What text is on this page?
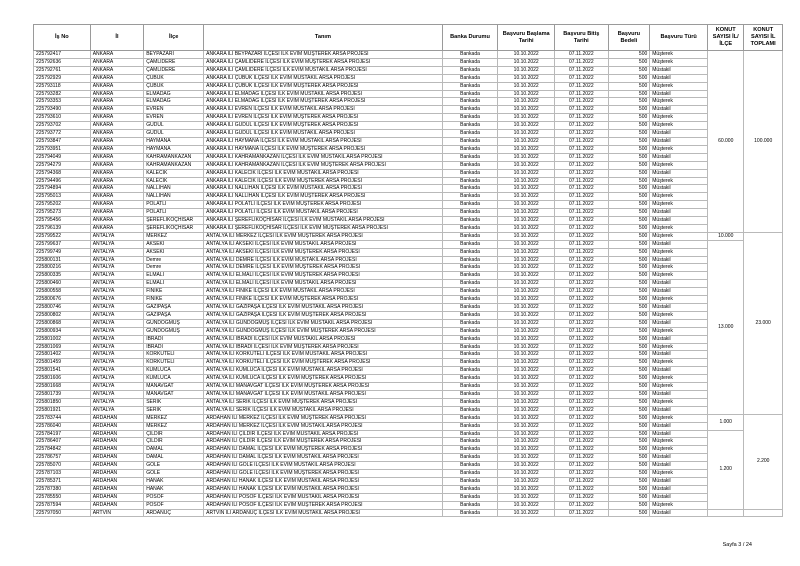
İş No	İl	İlçe	Tanım	Banka Durumu	Başvuru Başlama Tarihi	Başvuru Bitiş Tarihi	Başvuru Bedeli	Başvuru Türü	KONUT SAYISI İL/İLÇE	KONUT SAYISI İL TOPLAMI
225792417	ANKARA	BEYPAZARI	ANKARA İLİ BEYPAZARI İLÇESİ İLK EVİM MÜŞTEREK ARSA PROJESİ	Bankada	10.10.2022	07.11.2022	500	Müşterek	60.000	100.000
225792636	ANKARA	ÇAMLIDERE	ANKARA İLİ ÇAMLIDERE İLÇESİ İLK EVİM MÜŞTEREK ARSA PROJESİ	Bankada	10.10.2022	07.11.2022	500	Müşterek		
225792761	ANKARA	ÇAMLIDERE	ANKARA İLİ ÇAMLIDERE İLÇESİ İLK EVİM MÜSTAKİL ARSA PROJESİ	Bankada	10.10.2022	07.11.2022	500	Müstakil		
225792929	ANKARA	ÇUBUK	ANKARA İLİ ÇUBUK İLÇESİ İLK EVİM MÜSTAKİL ARSA PROJESİ	Bankada	10.10.2022	07.11.2022	500	Müstakil		
225793118	ANKARA	ÇUBUK	ANKARA İLİ ÇUBUK İLÇESİ İLK EVİM MÜŞTEREK ARSA PROJESİ	Bankada	10.10.2022	07.11.2022	500	Müşterek		
225793282	ANKARA	ELMADAĞ	ANKARA İLİ ELMADAĞ İLÇESİ İLK EVİM MÜSTAKİL ARSA PROJESİ	Bankada	10.10.2022	07.11.2022	500	Müstakil		
225793353	ANKARA	ELMADAĞ	ANKARA İLİ ELMADAĞ İLÇESİ İLK EVİM MÜŞTEREK ARSA PROJESİ	Bankada	10.10.2022	07.11.2022	500	Müşterek		
225793490	ANKARA	EVREN	ANKARA İLİ EVREN İLÇESİ İLK EVİM MÜSTAKİL ARSA PROJESİ	Bankada	10.10.2022	07.11.2022	500	Müstakil		
225793610	ANKARA	EVREN	ANKARA İLİ EVREN İLÇESİ İLK EVİM MÜŞTEREK ARSA PROJESİ	Bankada	10.10.2022	07.11.2022	500	Müşterek		
225793702	ANKARA	GÜDÜL	ANKARA İLİ GÜDÜL İLÇESİ İLK EVİM MÜŞTEREK ARSA PROJESİ	Bankada	10.10.2022	07.11.2022	500	Müşterek		
225793772	ANKARA	GÜDÜL	ANKARA İLİ GÜDÜL İLÇESİ İLK EVİM MÜSTAKİL ARSA PROJESİ	Bankada	10.10.2022	07.11.2022	500	Müstakil		
225793847	ANKARA	HAYMANA	ANKARA İLİ HAYMANA İLÇESİ İLK EVİM MÜSTAKİL ARSA PROJESİ	Bankada	10.10.2022	07.11.2022	500	Müstakil		
225793951	ANKARA	HAYMANA	ANKARA İLİ HAYMANA İLÇESİ İLK EVİM MÜŞTEREK ARSA PROJESİ	Bankada	10.10.2022	07.11.2022	500	Müşterek		
225794049	ANKARA	KAHRAMANKAZAN	ANKARA İLİ KAHRAMANKAZAN İLÇESİ İLK EVİM MÜSTAKİL ARSA PROJESİ	Bankada	10.10.2022	07.11.2022	500	Müstakil		
225794279	ANKARA	KAHRAMANKAZAN	ANKARA İLİ KAHRAMANKAZAN İLÇESİ İLK EVİM MÜŞTEREK ARSA PROJESİ	Bankada	10.10.2022	07.11.2022	500	Müşterek		
225794368	ANKARA	KALECİK	ANKARA İLİ KALECİK İLÇESİ İLK EVİM MÜSTAKİL ARSA PROJESİ	Bankada	10.10.2022	07.11.2022	500	Müstakil		
225794496	ANKARA	KALECİK	ANKARA İLİ KALECİK İLÇESİ İLK EVİM MÜŞTEREK ARSA PROJESİ	Bankada	10.10.2022	07.11.2022	500	Müşterek		
225794894	ANKARA	NALLIHAN	ANKARA İLİ NALLIHAN İLÇESİ İLK EVİM MÜSTAKİL ARSA PROJESİ	Bankada	10.10.2022	07.11.2022	500	Müstakil		
225795013	ANKARA	NALLIHAN	ANKARA İLİ NALLIHAN İLÇESİ İLK EVİM MÜŞTEREK ARSA PROJESİ	Bankada	10.10.2022	07.11.2022	500	Müşterek		
225795202	ANKARA	POLATLI	ANKARA İLİ POLATLI İLÇESİ İLK EVİM MÜŞTEREK ARSA PROJESİ	Bankada	10.10.2022	07.11.2022	500	Müşterek		
225795273	ANKARA	POLATLI	ANKARA İLİ POLATLI İLÇESİ İLK EVİM MÜSTAKİL ARSA PROJESİ	Bankada	10.10.2022	07.11.2022	500	Müstakil		
225795456	ANKARA	ŞEREFLİKOÇHİSAR	ANKARA İLİ ŞEREFLİKOÇHİSAR İLÇESİ İLK EVİM MÜSTAKİL ARSA PROJESİ	Bankada	10.10.2022	07.11.2022	500	Müstakil		
225796139	ANKARA	ŞEREFLİKOÇHİSAR	ANKARA İLİ ŞEREFLİKOÇHİSAR İLÇESİ İLK EVİM MÜŞTEREK ARSA PROJESİ	Bankada	10.10.2022	07.11.2022	500	Müşterek		
225799522	ANTALYA	MERKEZ	ANTALYA İLİ MERKEZ İLÇESİ İLK EVİM MÜŞTEREK ARSA PROJESİ	Bankada	10.10.2022	07.11.2022	500	Müşterek	10.000	23.000
225799637	ANTALYA	AKSEKİ	ANTALYA İLİ AKSEKİ İLÇESİ İLK EVİM MÜSTAKİL ARSA PROJESİ	Bankada	10.10.2022	07.11.2022	500	Müstakil	13.000	
225799749	ANTALYA	AKSEKİ	ANTALYA İLİ AKSEKİ İLÇESİ İLK EVİM MÜŞTEREK ARSA PROJESİ	Bankada	10.10.2022	07.11.2022	500	Müşterek		
225800131	ANTALYA	Demre	ANTALYA İLİ DEMRE İLÇESİ İLK EVİM MÜSTAKİL ARSA PROJESİ	Bankada	10.10.2022	07.11.2022	500	Müstakil		
225800216	ANTALYA	Demre	ANTALYA İLİ DEMRE İLÇESİ İLK EVİM MÜŞTEREK ARSA PROJESİ	Bankada	10.10.2022	07.11.2022	500	Müşterek		
225800335	ANTALYA	ELMALI	ANTALYA İLİ ELMALI İLÇESİ İLK EVİM MÜŞTEREK ARSA PROJESİ	Bankada	10.10.2022	07.11.2022	500	Müşterek		
225800460	ANTALYA	ELMALI	ANTALYA İLİ ELMALI İLÇESİ İLK EVİM MÜSTAKİL ARSA PROJESİ	Bankada	10.10.2022	07.11.2022	500	Müstakil		
225800558	ANTALYA	FİNİKE	ANTALYA İLİ FİNİKE İLÇESİ İLK EVİM MÜSTAKİL ARSA PROJESİ	Bankada	10.10.2022	07.11.2022	500	Müstakil		
225800676	ANTALYA	FİNİKE	ANTALYA İLİ FİNİKE İLÇESİ İLK EVİM MÜŞTEREK ARSA PROJESİ	Bankada	10.10.2022	07.11.2022	500	Müşterek		
225800746	ANTALYA	GAZİPAŞA	ANTALYA İLİ GAZİPAŞA İLÇESİ İLK EVİM MÜSTAKİL ARSA PROJESİ	Bankada	10.10.2022	07.11.2022	500	Müstakil		
225800802	ANTALYA	GAZİPAŞA	ANTALYA İLİ GAZİPAŞA İLÇESİ İLK EVİM MÜŞTEREK ARSA PROJESİ	Bankada	10.10.2022	07.11.2022	500	Müşterek		
225800868	ANTALYA	GÜNDOĞMUŞ	ANTALYA İLİ GÜNDOĞMUŞ İLÇESİ İLK EVİM MÜSTAKİL ARSA PROJESİ	Bankada	10.10.2022	07.11.2022	500	Müstakil		
225800934	ANTALYA	GÜNDOĞMUŞ	ANTALYA İLİ GÜNDOĞMUŞ İLÇESİ İLK EVİM MÜŞTEREK ARSA PROJESİ	Bankada	10.10.2022	07.11.2022	500	Müşterek		
225801002	ANTALYA	İBRADI	ANTALYA İLİ İBRADI İLÇESİ İLK EVİM MÜSTAKİL ARSA PROJESİ	Bankada	10.10.2022	07.11.2022	500	Müstakil		
225801069	ANTALYA	İBRADI	ANTALYA İLİ İBRADI İLÇESİ İLK EVİM MÜŞTEREK ARSA PROJESİ	Bankada	10.10.2022	07.11.2022	500	Müşterek		
225801402	ANTALYA	KORKUTELİ	ANTALYA İLİ KORKUTELİ İLÇESİ İLK EVİM MÜSTAKİL ARSA PROJESİ	Bankada	10.10.2022	07.11.2022	500	Müstakil		
225801459	ANTALYA	KORKUTELİ	ANTALYA İLİ KORKUTELİ İLÇESİ İLK EVİM MÜŞTEREK ARSA PROJESİ	Bankada	10.10.2022	07.11.2022	500	Müşterek		
225801541	ANTALYA	KUMLUCA	ANTALYA İLİ KUMLUCA İLÇESİ İLK EVİM MÜSTAKİL ARSA PROJESİ	Bankada	10.10.2022	07.11.2022	500	Müstakil		
225801606	ANTALYA	KUMLUCA	ANTALYA İLİ KUMLUCA İLÇESİ İLK EVİM MÜŞTEREK ARSA PROJESİ	Bankada	10.10.2022	07.11.2022	500	Müşterek		
225801668	ANTALYA	MANAVGAT	ANTALYA İLİ MANAVGAT İLÇESİ İLK EVİM MÜŞTEREK ARSA PROJESİ	Bankada	10.10.2022	07.11.2022	500	Müşterek		
225801739	ANTALYA	MANAVGAT	ANTALYA İLİ MANAVGAT İLÇESİ İLK EVİM MÜSTAKİL ARSA PROJESİ	Bankada	10.10.2022	07.11.2022	500	Müstakil		
225801850	ANTALYA	SERİK	ANTALYA İLİ SERİK İLÇESİ İLK EVİM MÜŞTEREK ARSA PROJESİ	Bankada	10.10.2022	07.11.2022	500	Müşterek		
225801921	ANTALYA	SERİK	ANTALYA İLİ SERİK İLÇESİ İLK EVİM MÜSTAKİL ARSA PROJESİ	Bankada	10.10.2022	07.11.2022	500	Müstakil		
225783744	ARDAHAN	MERKEZ	ARDAHAN İLİ MERKEZ İLÇESİ İLK EVİM MÜŞTEREK ARSA PROJESİ	Bankada	10.10.2022	07.11.2022	500	Müşterek	1.000	2.200
225786040	ARDAHAN	MERKEZ	ARDAHAN İLİ MERKEZ İLÇESİ İLK EVİM MÜSTAKİL ARSA PROJESİ	Bankada	10.10.2022	07.11.2022	500	Müstakil		
225784197	ARDAHAN	ÇILDIR	ARDAHAN İLİ ÇILDIR İLÇESİ İLK EVİM MÜSTAKİL ARSA PROJESİ	Bankada	10.10.2022	07.11.2022	500	Müstakil	1.200	
225786407	ARDAHAN	ÇILDIR	ARDAHAN İLİ ÇILDIR İLÇESİ İLK EVİM MÜŞTEREK ARSA PROJESİ	Bankada	10.10.2022	07.11.2022	500	Müşterek		
225784842	ARDAHAN	DAMAL	ARDAHAN İLİ DAMAL İLÇESİ İLK EVİM MÜŞTEREK ARSA PROJESİ	Bankada	10.10.2022	07.11.2022	500	Müşterek		
225786757	ARDAHAN	DAMAL	ARDAHAN İLİ DAMAL İLÇESİ İLK EVİM MÜSTAKİL ARSA PROJESİ	Bankada	10.10.2022	07.11.2022	500	Müstakil		
225785070	ARDAHAN	GÖLE	ARDAHAN İLİ GÖLE İLÇESİ İLK EVİM MÜSTAKİL ARSA PROJESİ	Bankada	10.10.2022	07.11.2022	500	Müstakil		
225787103	ARDAHAN	GÖLE	ARDAHAN İLİ GÖLE İLÇESİ İLK EVİM MÜŞTEREK ARSA PROJESİ	Bankada	10.10.2022	07.11.2022	500	Müşterek		
225785371	ARDAHAN	HANAK	ARDAHAN İLİ HANAK İLÇESİ İLK EVİM MÜSTAKİL ARSA PROJESİ	Bankada	10.10.2022	07.11.2022	500	Müstakil		
225787380	ARDAHAN	HANAK	ARDAHAN İLİ HANAK İLÇESİ İLK EVİM MÜSTAKİL ARSA PROJESİ	Bankada	10.10.2022	07.11.2022	500	Müstakil		
225785550	ARDAHAN	POSOF	ARDAHAN İLİ POSOF İLÇESİ İLK EVİM MÜSTAKİL ARSA PROJESİ	Bankada	10.10.2022	07.11.2022	500	Müstakil		
225787594	ARDAHAN	POSOF	ARDAHAN İLİ POSOF İLÇESİ İLK EVİM MÜŞTEREK ARSA PROJESİ	Bankada	10.10.2022	07.11.2022	500	Müşterek		
225797050	ARTVİN	ARDANUÇ	ARTVİN İLİ ARDANUÇ İLÇESİ İLK EVİM MÜSTAKİL ARSA PROJESİ	Bankada	10.10.2022	07.11.2022	500	Müstakil		
Sayfa 3 / 24
